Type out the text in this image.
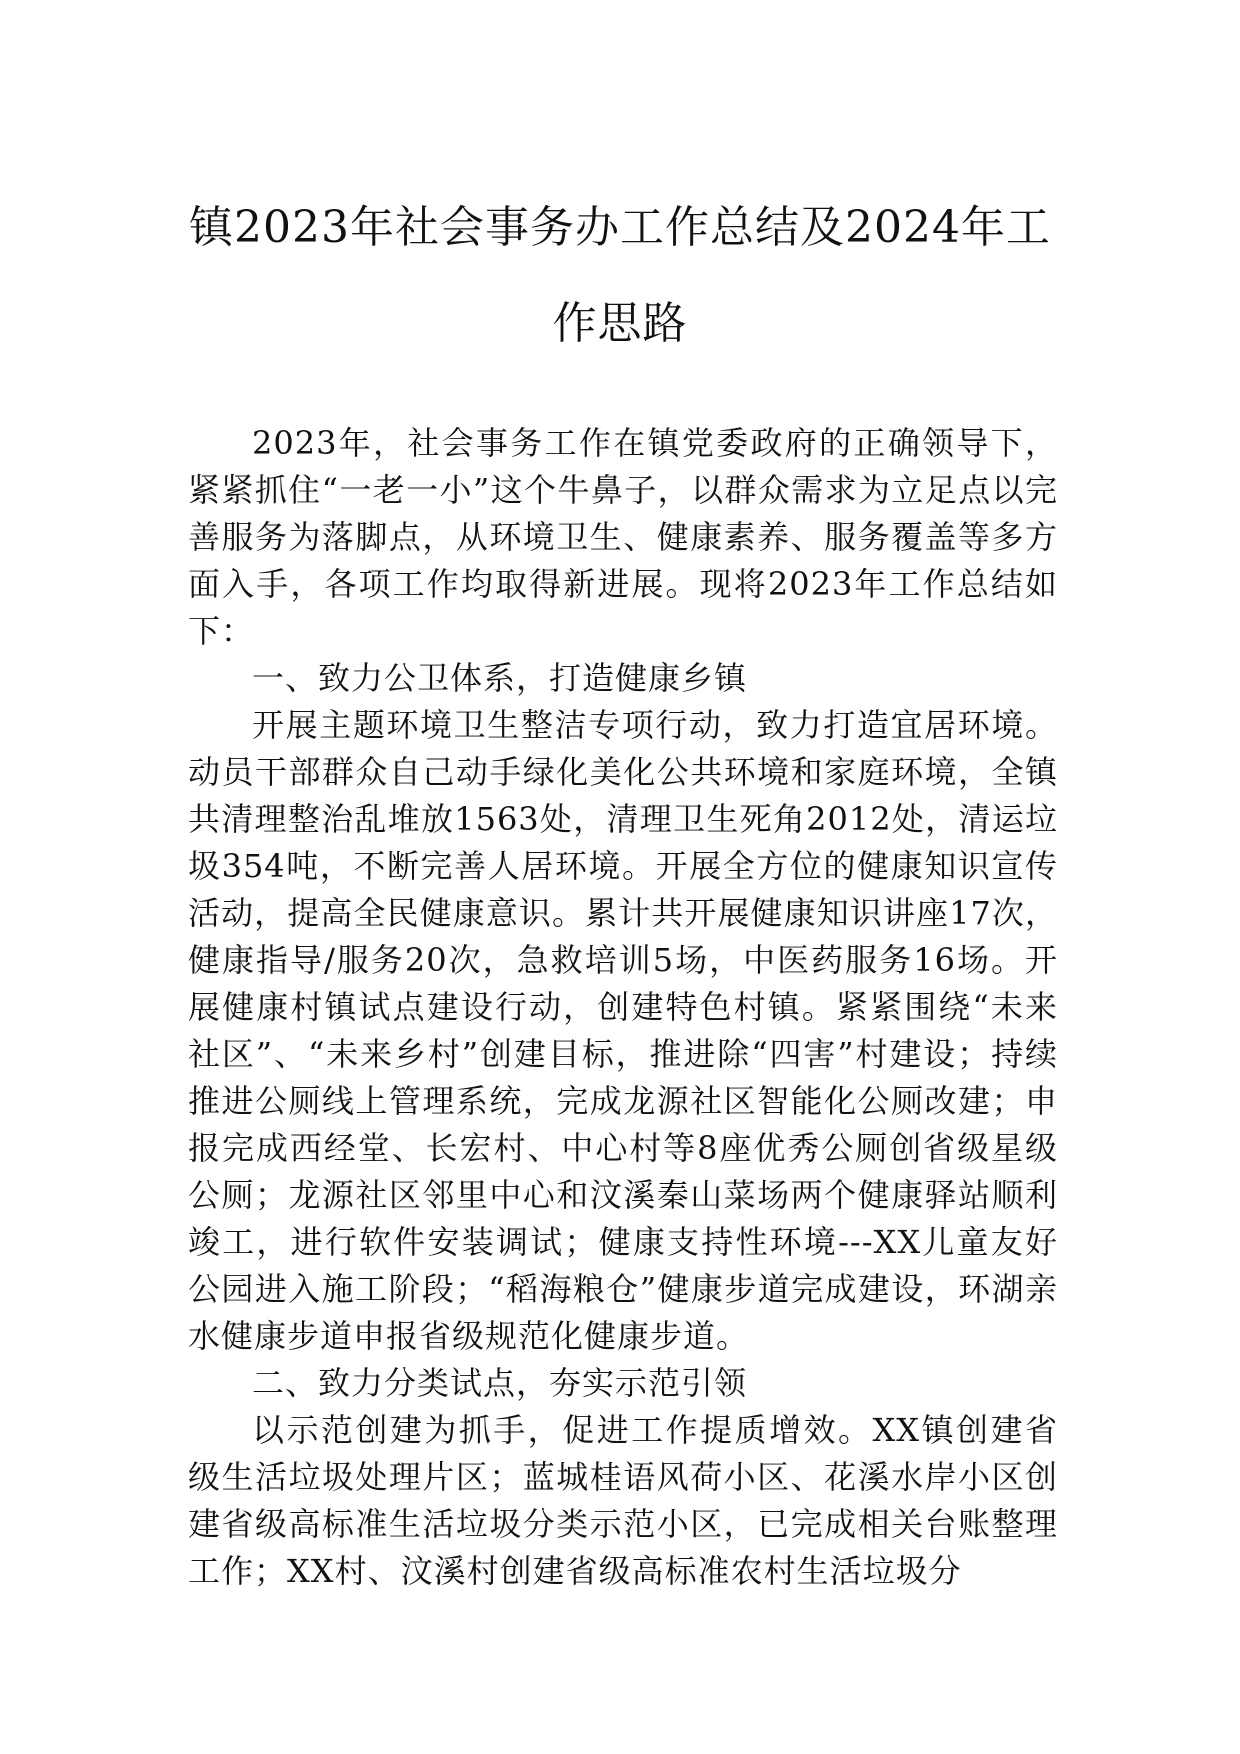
镇2023年社会事务办工作总结及2024年工
作思路

2023年，社会事务工作在镇党委政府的正确领导下，紧紧抓住“一老一小”这个牛鼻子，以群众需求为立足点以完善服务为落脚点，从环境卫生、健康素养、服务覆盖等多方面入手，各项工作均取得新进展。现将2023年工作总结如下：

一、致力公卫体系，打造健康乡镇

开展主题环境卫生整洁专项行动，致力打造宜居环境。动员干部群众自己动手绿化美化公共环境和家庭环境，全镇共清理整治乱堆放1563处，清理卫生死角2012处，清运垃圾354吨，不断完善人居环境。开展全方位的健康知识宣传活动，提高全民健康意识。累计共开展健康知识讲座17次，健康指导/服务20次，急救培训5场，中医药服务16场。开展健康村镇试点建设行动，创建特色村镇。紧紧围绕“未来社区”、“未来乡村”创建目标，推进除“四害”村建设；持续推进公厕线上管理系统，完成龙源社区智能化公厕改建；申报完成西经堂、长宏村、中心村等8座优秀公厕创省级星级公厕；龙源社区邻里中心和汶溪秦山菜场两个健康驿站顺利竣工，进行软件安装调试；健康支持性环境---XX儿童友好公园进入施工阶段；“稻海粮仓”健康步道完成建设，环湖亲水健康步道申报省级规范化健康步道。

二、致力分类试点，夯实示范引领

以示范创建为抓手，促进工作提质增效。XX镇创建省级生活垃圾处理片区；蓝城桂语风荷小区、花溪水岸小区创建省级高标准生活垃圾分类示范小区，已完成相关台账整理工作；XX村、汶溪村创建省级高标准农村生活垃圾分
